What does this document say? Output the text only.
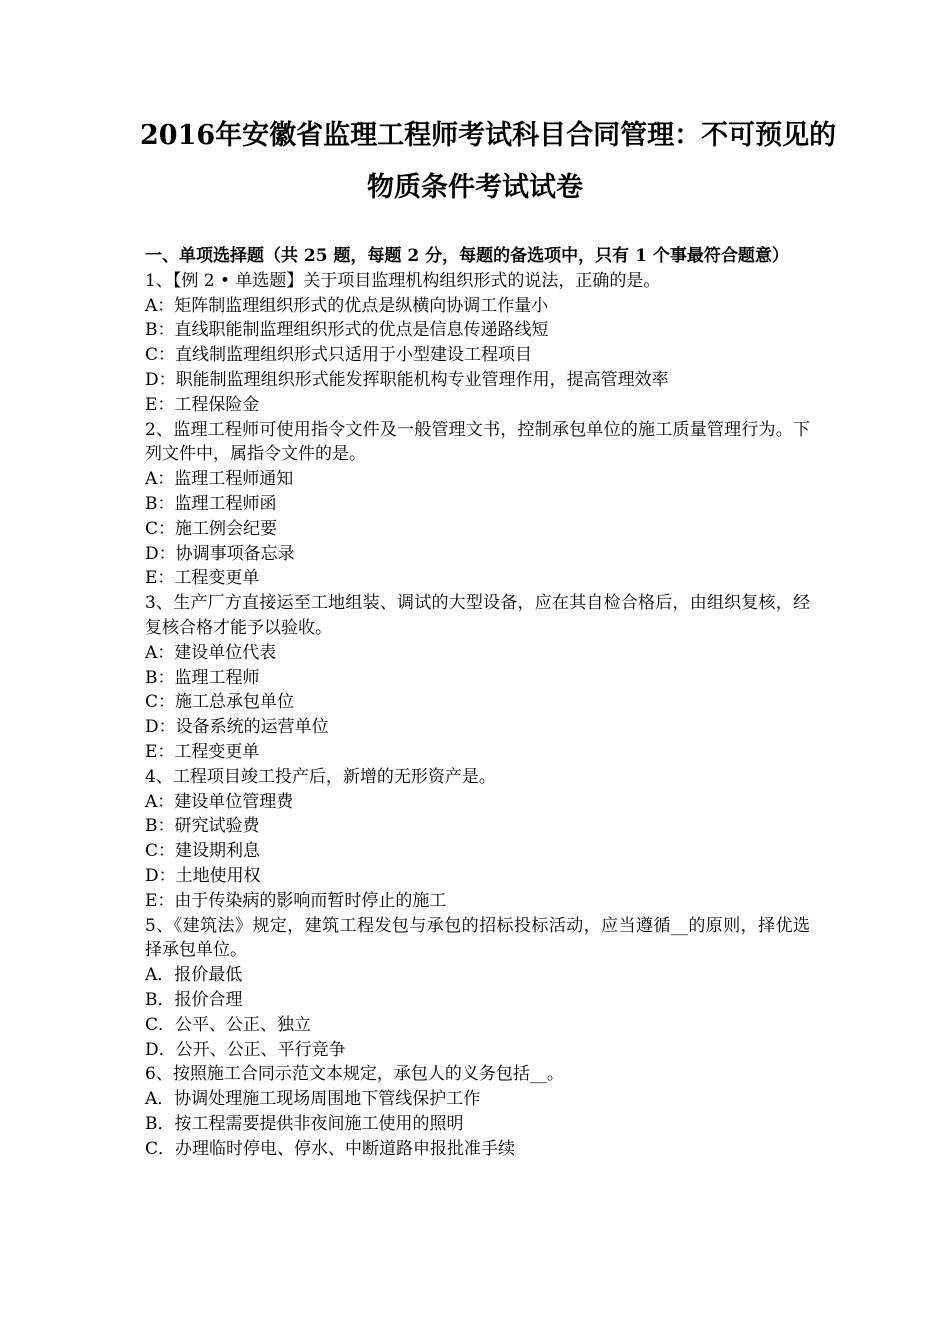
2016年安徽省监理工程师考试科目合同管理：不可预见的
物质条件考试试卷

一、单项选择题（共 25 题，每题 2 分，每题的备选项中，只有 1 个事最符合题意）

1、【例 2 • 单选题】关于项目监理机构组织形式的说法，正确的是。

A：矩阵制监理组织形式的优点是纵横向协调工作量小

B：直线职能制监理组织形式的优点是信息传递路线短

C：直线制监理组织形式只适用于小型建设工程项目

D：职能制监理组织形式能发挥职能机构专业管理作用，提高管理效率

E：工程保险金

2、监理工程师可使用指令文件及一般管理文书，控制承包单位的施工质量管理行为。下列文件中，属指令文件的是。

A：监理工程师通知

B：监理工程师函

C：施工例会纪要

D：协调事项备忘录

E：工程变更单

3、生产厂方直接运至工地组装、调试的大型设备，应在其自检合格后，由组织复核，经复核合格才能予以验收。

A：建设单位代表

B：监理工程师

C：施工总承包单位

D：设备系统的运营单位

E：工程变更单

4、工程项目竣工投产后，新增的无形资产是。

A：建设单位管理费

B：研究试验费

C：建设期利息

D：土地使用权

E：由于传染病的影响而暂时停止的施工

5、《建筑法》规定，建筑工程发包与承包的招标投标活动，应当遵循__的原则，择优选择承包单位。

A．报价最低

B．报价合理

C．公平、公正、独立

D．公开、公正、平行竞争

6、按照施工合同示范文本规定，承包人的义务包括__。

A．协调处理施工现场周围地下管线保护工作

B．按工程需要提供非夜间施工使用的照明

C．办理临时停电、停水、中断道路申报批准手续
